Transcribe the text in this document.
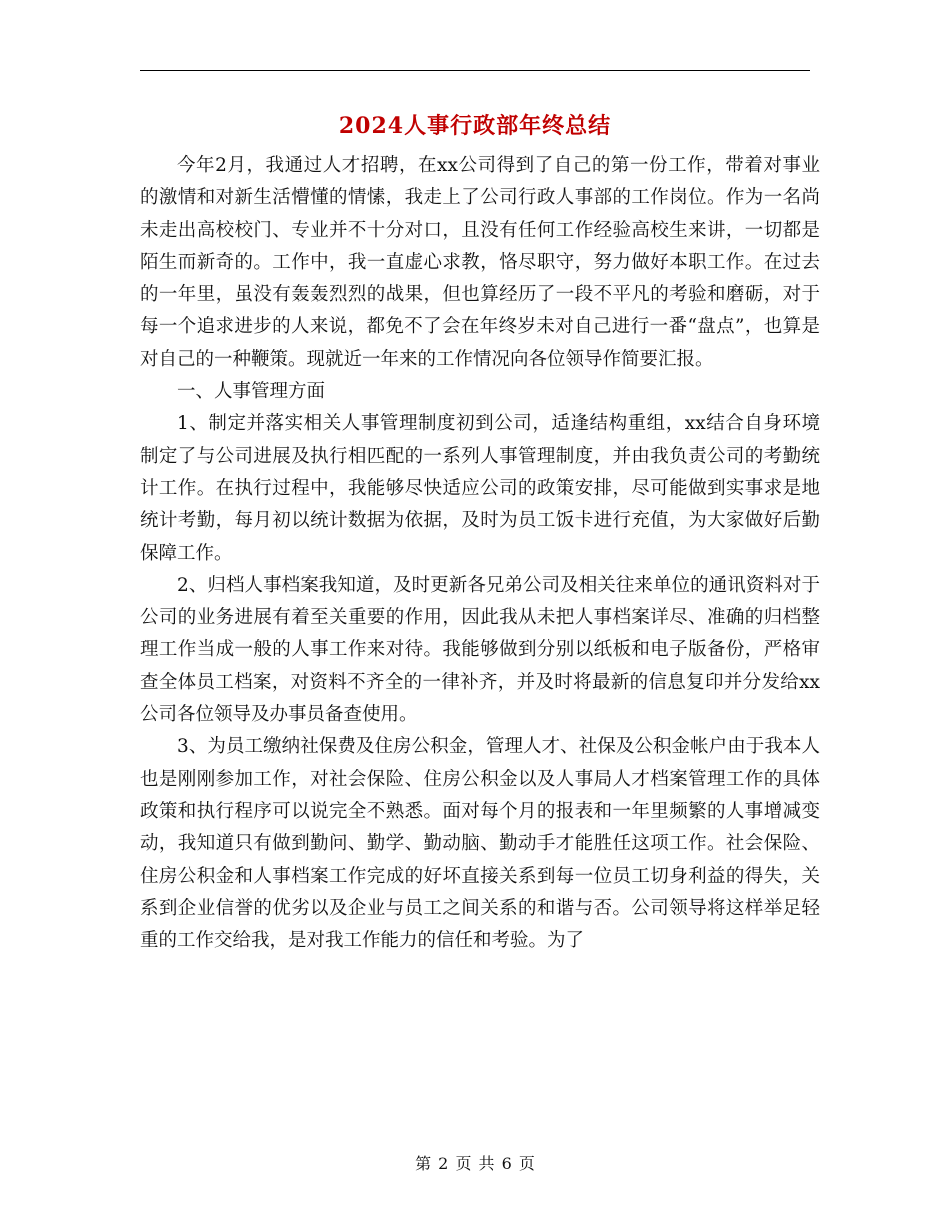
2024人事行政部年终总结

今年2月，我通过人才招聘，在xx公司得到了自己的第一份工作，带着对事业的激情和对新生活懵懂的情愫，我走上了公司行政人事部的工作岗位。作为一名尚未走出高校校门、专业并不十分对口，且没有任何工作经验高校生来讲，一切都是陌生而新奇的。工作中，我一直虚心求教，恪尽职守，努力做好本职工作。在过去的一年里，虽没有轰轰烈烈的战果，但也算经历了一段不平凡的考验和磨砺，对于每一个追求进步的人来说，都免不了会在年终岁未对自己进行一番“盘点”，也算是对自己的一种鞭策。现就近一年来的工作情况向各位领导作简要汇报。

一、人事管理方面

1、制定并落实相关人事管理制度初到公司，适逢结构重组，xx结合自身环境制定了与公司进展及执行相匹配的一系列人事管理制度，并由我负责公司的考勤统计工作。在执行过程中，我能够尽快适应公司的政策安排，尽可能做到实事求是地统计考勤，每月初以统计数据为依据，及时为员工饭卡进行充值，为大家做好后勤保障工作。

2、归档人事档案我知道，及时更新各兄弟公司及相关往来单位的通讯资料对于公司的业务进展有着至关重要的作用，因此我从未把人事档案详尽、准确的归档整理工作当成一般的人事工作来对待。我能够做到分别以纸板和电子版备份，严格审查全体员工档案，对资料不齐全的一律补齐，并及时将最新的信息复印并分发给xx公司各位领导及办事员备查使用。

3、为员工缴纳社保费及住房公积金，管理人才、社保及公积金帐户由于我本人也是刚刚参加工作，对社会保险、住房公积金以及人事局人才档案管理工作的具体政策和执行程序可以说完全不熟悉。面对每个月的报表和一年里频繁的人事增减变动，我知道只有做到勤问、勤学、勤动脑、勤动手才能胜任这项工作。社会保险、住房公积金和人事档案工作完成的好坏直接关系到每一位员工切身利益的得失，关系到企业信誉的优劣以及企业与员工之间关系的和谐与否。公司领导将这样举足轻重的工作交给我，是对我工作能力的信任和考验。为了

第 2 页 共 6 页
